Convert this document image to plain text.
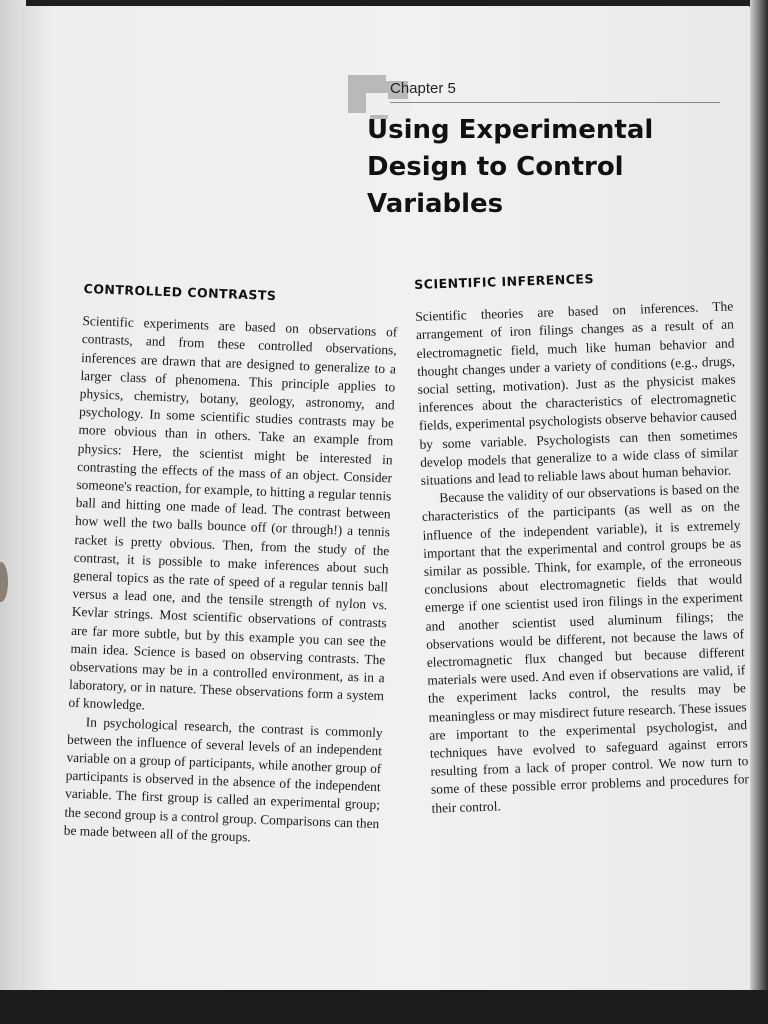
Chapter 5
Using Experimental Design to Control Variables
CONTROLLED CONTRASTS

Scientific experiments are based on observations of contrasts, and from these controlled observations, inferences are drawn that are designed to generalize to a larger class of phenomena. This principle applies to physics, chemistry, botany, geology, astronomy, and psychology. In some scientific studies contrasts may be more obvious than in others. Take an example from physics: Here, the scientist might be interested in contrasting the effects of the mass of an object. Consider someone's reaction, for example, to hitting a regular tennis ball and hitting one made of lead. The contrast between how well the two balls bounce off (or through!) a tennis racket is pretty obvious. Then, from the study of the contrast, it is possible to make inferences about such general topics as the rate of speed of a regular tennis ball versus a lead one, and the tensile strength of nylon vs. Kevlar strings. Most scientific observations of contrasts are far more subtle, but by this example you can see the main idea. Science is based on observing contrasts. The observations may be in a controlled environment, as in a laboratory, or in nature. These observations form a system of knowledge.

In psychological research, the contrast is commonly between the influence of several levels of an independent variable on a group of participants, while another group of participants is observed in the absence of the independent variable. The first group is called an experimental group; the second group is a control group. Comparisons can then be made between all of the groups.

SCIENTIFIC INFERENCES

Scientific theories are based on inferences. The arrangement of iron filings changes as a result of an electromagnetic field, much like human behavior and thought changes under a variety of conditions (e.g., drugs, social setting, motivation). Just as the physicist makes inferences about the characteristics of electromagnetic fields, experimental psychologists observe behavior caused by some variable. Psychologists can then sometimes develop models that generalize to a wide class of similar situations and lead to reliable laws about human behavior.

Because the validity of our observations is based on the characteristics of the participants (as well as on the influence of the independent variable), it is extremely important that the experimental and control groups be as similar as possible. Think, for example, of the erroneous conclusions about electromagnetic fields that would emerge if one scientist used iron filings in the experiment and another scientist used aluminum filings; the observations would be different, not because the laws of electromagnetic flux changed but because different materials were used. And even if observations are valid, if the experiment lacks control, the results may be meaningless or may misdirect future research. These issues are important to the experimental psychologist, and techniques have evolved to safeguard against errors resulting from a lack of proper control. We now turn to some of these possible error problems and procedures for their control.
